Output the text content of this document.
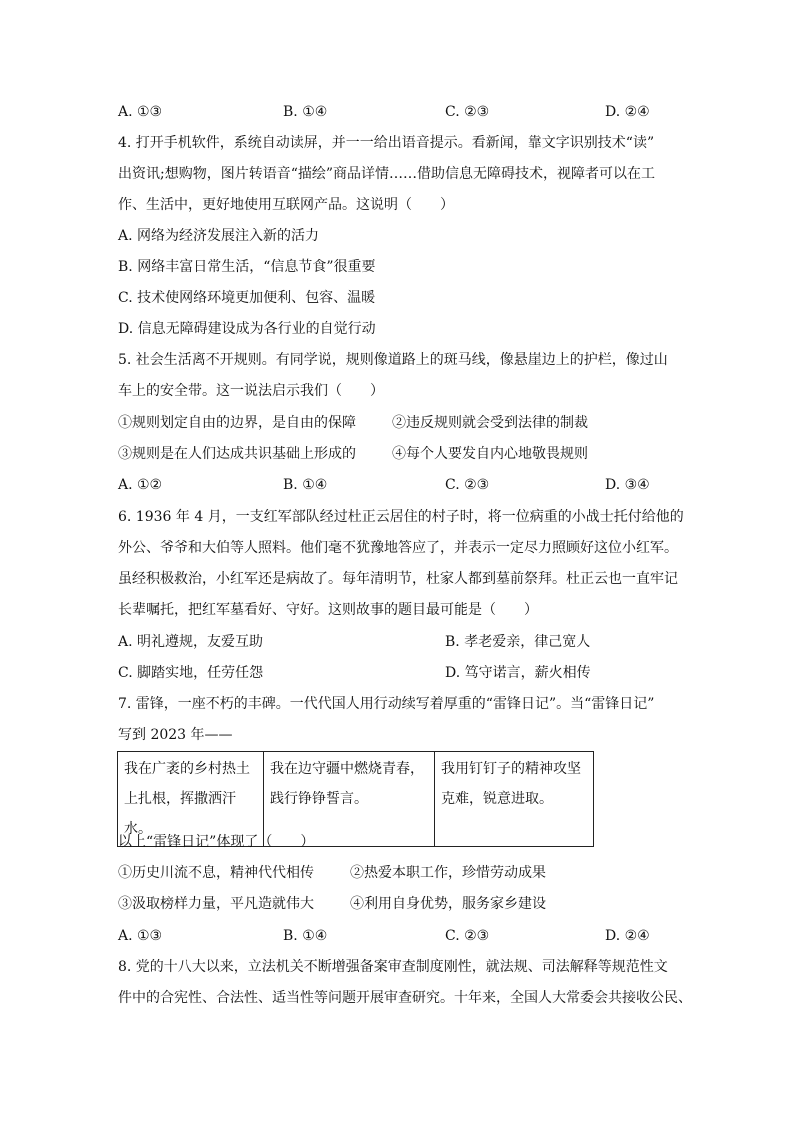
A. ①③	B. ①④	C. ②③	D. ②④
4. 打开手机软件，系统自动读屏，并一一给出语音提示。看新闻，靠文字识别技术“读”
出资讯;想购物，图片转语音“描绘”商品详情……借助信息无障碍技术，视障者可以在工
作、生活中，更好地使用互联网产品。这说明（　　）
A. 网络为经济发展注入新的活力
B. 网络丰富日常生活，“信息节食”很重要
C. 技术使网络环境更加便利、包容、温暖
D. 信息无障碍建设成为各行业的自觉行动
5. 社会生活离不开规则。有同学说，规则像道路上的斑马线，像悬崖边上的护栏，像过山
车上的安全带。这一说法启示我们（　　）
①规则划定自由的边界，是自由的保障	②违反规则就会受到法律的制裁
③规则是在人们达成共识基础上形成的	④每个人要发自内心地敬畏规则
A. ①②	B. ①④	C. ②③	D. ③④
6. 1936 年 4 月，一支红军部队经过杜正云居住的村子时，将一位病重的小战士托付给他的
外公、爷爷和大伯等人照料。他们毫不犹豫地答应了，并表示一定尽力照顾好这位小红军。
虽经积极救治，小红军还是病故了。每年清明节，杜家人都到墓前祭拜。杜正云也一直牢记
长辈嘱托，把红军墓看好、守好。这则故事的题目最可能是（　　）
A. 明礼遵规，友爱互助	B. 孝老爱亲，律己宽人
C. 脚踏实地，任劳任怨	D. 笃守诺言，薪火相传
7. 雷锋，一座不朽的丰碑。一代代国人用行动续写着厚重的“雷锋日记”。当“雷锋日记”
写到 2023 年——
我在广袤的乡村热土
上扎根，挥撒洒汗水。

我在边守疆中燃烧青春，
践行铮铮誓言。

我用钉钉子的精神攻坚
克难，锐意进取。
以上“雷锋日记”体现了（　　）
①历史川流不息，精神代代相传	②热爱本职工作，珍惜劳动成果
③汲取榜样力量，平凡造就伟大	④利用自身优势，服务家乡建设
A. ①③	B. ①④	C. ②③	D. ②④
8. 党的十八大以来，立法机关不断增强备案审查制度刚性，就法规、司法解释等规范性文
件中的合宪性、合法性、适当性等问题开展审查研究。十年来，全国人大常委会共接收公民、
